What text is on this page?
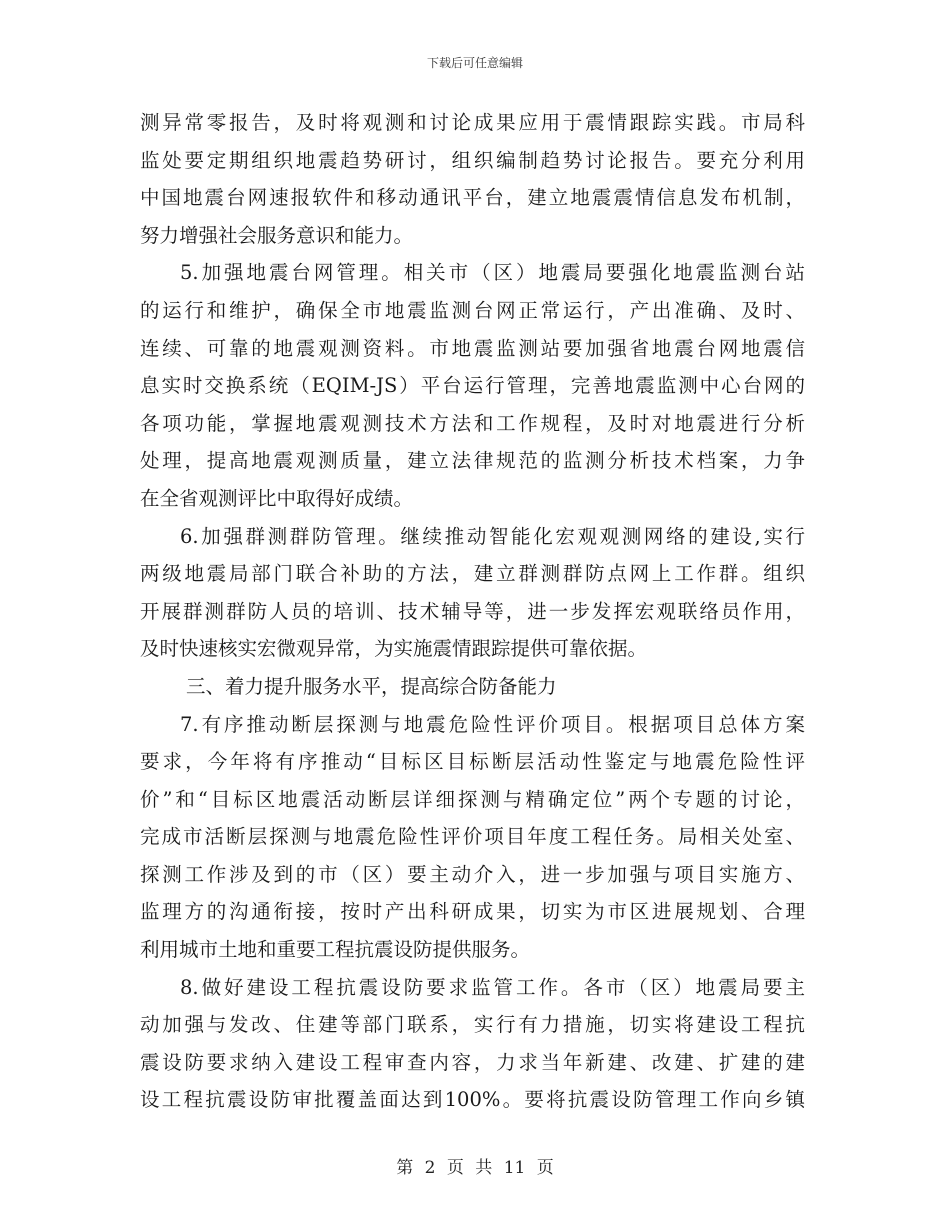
下载后可任意编辑
测异常零报告，及时将观测和讨论成果应用于震情跟踪实践。市局科
监处要定期组织地震趋势研讨，组织编制趋势讨论报告。要充分利用
中国地震台网速报软件和移动通讯平台，建立地震震情信息发布机制，
努力增强社会服务意识和能力。
5.加强地震台网管理。相关市（区）地震局要强化地震监测台站
的运行和维护，确保全市地震监测台网正常运行，产出准确、及时、
连续、可靠的地震观测资料。市地震监测站要加强省地震台网地震信
息实时交换系统（EQIM-JS）平台运行管理，完善地震监测中心台网的
各项功能，掌握地震观测技术方法和工作规程，及时对地震进行分析
处理，提高地震观测质量，建立法律规范的监测分析技术档案，力争
在全省观测评比中取得好成绩。
6.加强群测群防管理。继续推动智能化宏观观测网络的建设,实行
两级地震局部门联合补助的方法，建立群测群防点网上工作群。组织
开展群测群防人员的培训、技术辅导等，进一步发挥宏观联络员作用，
及时快速核实宏微观异常，为实施震情跟踪提供可靠依据。
三、着力提升服务水平，提高综合防备能力
7.有序推动断层探测与地震危险性评价项目。根据项目总体方案
要求，今年将有序推动“目标区目标断层活动性鉴定与地震危险性评
价”和“目标区地震活动断层详细探测与精确定位”两个专题的讨论，
完成市活断层探测与地震危险性评价项目年度工程任务。局相关处室、
探测工作涉及到的市（区）要主动介入，进一步加强与项目实施方、
监理方的沟通衔接，按时产出科研成果，切实为市区进展规划、合理
利用城市土地和重要工程抗震设防提供服务。
8.做好建设工程抗震设防要求监管工作。各市（区）地震局要主
动加强与发改、住建等部门联系，实行有力措施，切实将建设工程抗
震设防要求纳入建设工程审查内容，力求当年新建、改建、扩建的建
设工程抗震设防审批覆盖面达到100%。要将抗震设防管理工作向乡镇
第 2 页 共 11 页
